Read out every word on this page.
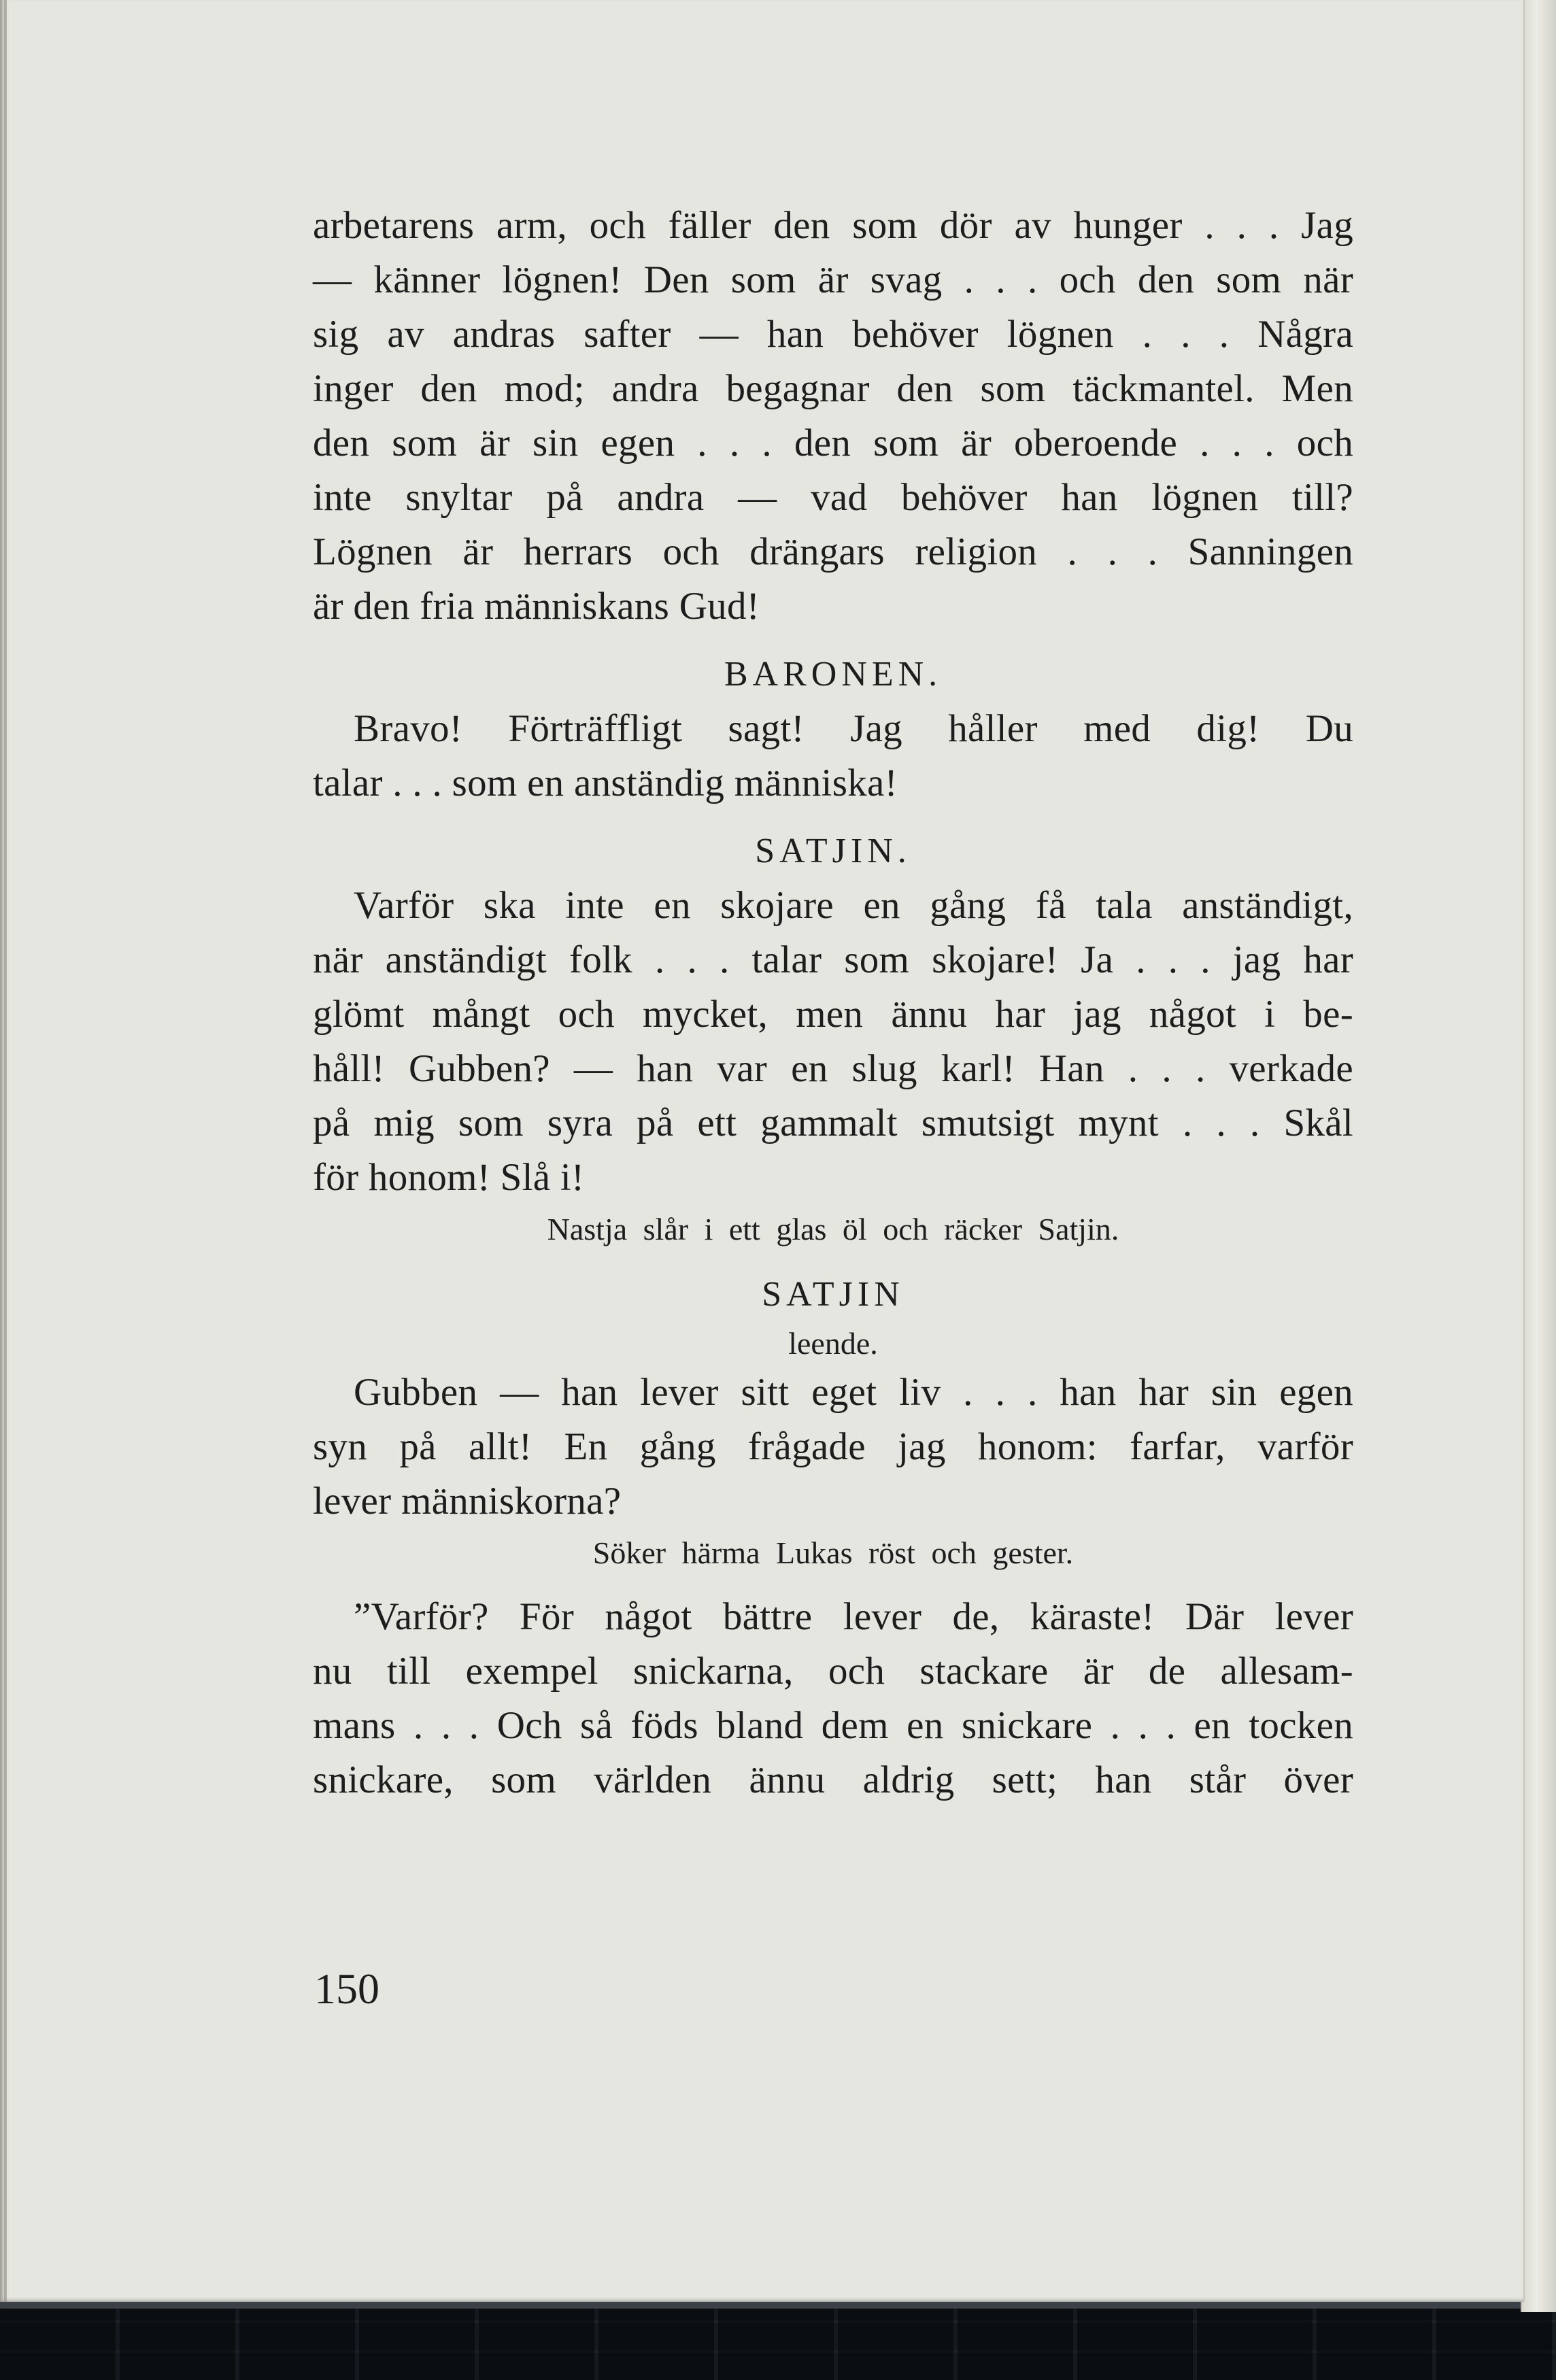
arbetarens arm, och fäller den som dör av hunger . . . Jag
— känner lögnen! Den som är svag . . . och den som när
sig av andras safter — han behöver lögnen . . . Några
inger den mod; andra begagnar den som täckmantel. Men
den som är sin egen . . . den som är oberoende . . . och
inte snyltar på andra — vad behöver han lögnen till?
Lögnen är herrars och drängars religion . . . Sanningen
är den fria människans Gud!
BARONEN.
Bravo! Förträffligt sagt! Jag håller med dig! Du
talar . . . som en anständig människa!
SATJIN.
Varför ska inte en skojare en gång få tala anständigt,
när anständigt folk . . . talar som skojare! Ja . . . jag har
glömt mångt och mycket, men ännu har jag något i be-
håll! Gubben? — han var en slug karl! Han . . . verkade
på mig som syra på ett gammalt smutsigt mynt . . . Skål
för honom! Slå i!
Nastja slår i ett glas öl och räcker Satjin.
SATJIN
leende.
Gubben — han lever sitt eget liv . . . han har sin egen
syn på allt! En gång frågade jag honom: farfar, varför
lever människorna?
Söker härma Lukas röst och gester.
”Varför? För något bättre lever de, käraste! Där lever
nu till exempel snickarna, och stackare är de allesam-
mans . . . Och så föds bland dem en snickare . . . en tocken
snickare, som världen ännu aldrig sett; han står över
150
